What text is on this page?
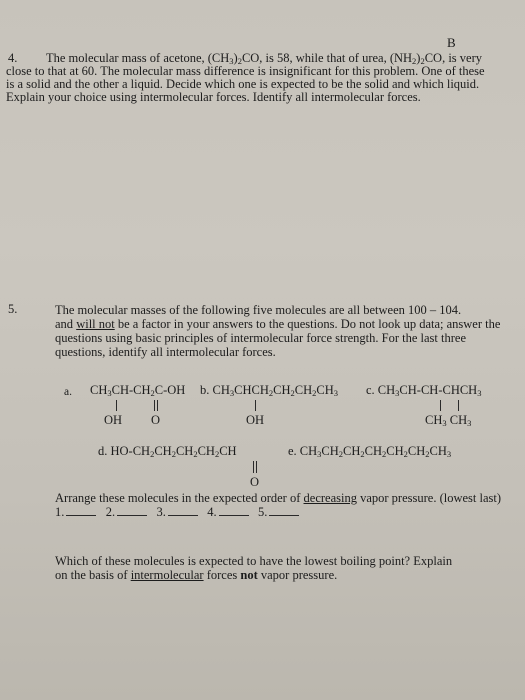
B
4. The molecular mass of acetone, $(CH_3)_2CO$, is 58, while that of urea, $(NH_2)_2CO$, is very
close to that at 60. The molecular mass difference is insignificant for this problem. One of these
is a solid and the other a liquid. Decide which one is expected to be the solid and which liquid.
Explain your choice using intermolecular forces. Identify all intermolecular forces.
5.	The molecular masses of the following five molecules are all between 100 – 104.
and will not be a factor in your answers to the questions. Do not look up data; answer the
questions using basic principles of intermolecular force strength. For the last three
questions, identify all intermolecular forces.
a. $CH_3CH-CH_2C-OH$
OH O
b. $CH_3CHCH_2CH_2CH_2CH_3$
OH
c. $CH_3CH-CH-CHCH_3$
$CH_3$ $CH_3$
d. $HO-CH_2CH_2CH_2CH_2CH$
O
e. $CH_3CH_2CH_2CH_2CH_2CH_2CH_3$
Arrange these molecules in the expected order of decreasing vapor pressure. (lowest last)
1.	2.	3.	4.	5.
Which of these molecules is expected to have the lowest boiling point? Explain
on the basis of intermolecular forces not vapor pressure.
